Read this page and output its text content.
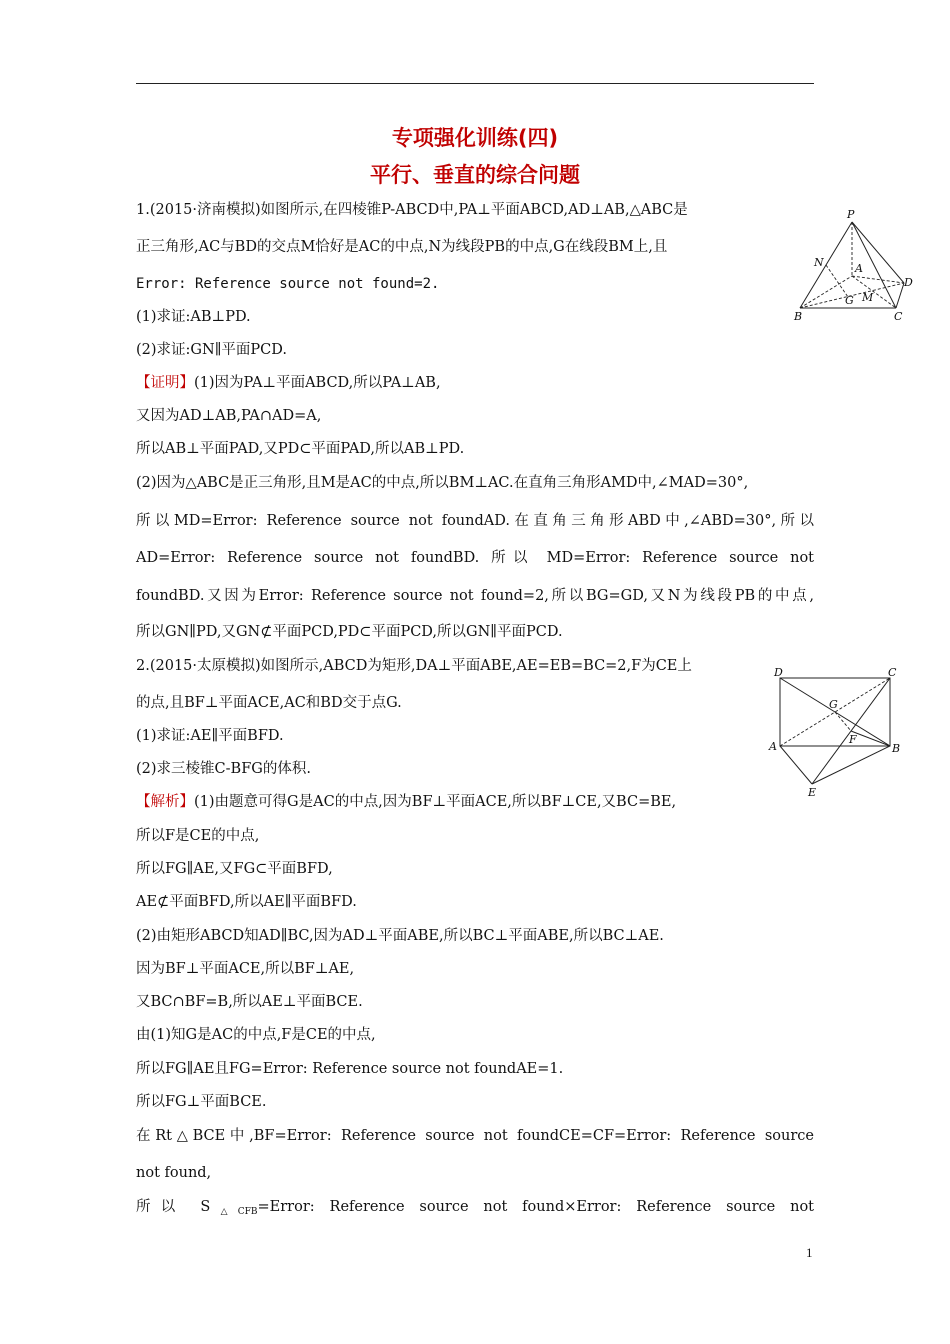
专项强化训练(四)
平行、垂直的综合问题
1.(2015·济南模拟)如图所示,在四棱锥P-ABCD中,PA⊥平面ABCD,AD⊥AB,△ABC是
正三角形,AC与BD的交点M恰好是AC的中点,N为线段PB的中点,G在线段BM上,且
Error: Reference source not found=2.
(1)求证:AB⊥PD.
(2)求证:GN∥平面PCD.
【证明】(1)因为PA⊥平面ABCD,所以PA⊥AB,
又因为AD⊥AB,PA∩AD=A,
所以AB⊥平面PAD,又PD⊂平面PAD,所以AB⊥PD.
(2)因为△ABC是正三角形,且M是AC的中点,所以BM⊥AC.在直角三角形AMD中,∠MAD=30°,
所以MD=Error: Reference source not foundAD.在直角三角形ABD中,∠ABD=30°,所以
AD=Error: Reference source not foundBD. 所以 MD=Error: Reference source not
foundBD.又因为Error: Reference source not found=2,所以BG=GD,又N为线段PB的中点,
所以GN∥PD,又GN⊄平面PCD,PD⊂平面PCD,所以GN∥平面PCD.
P
N	A
D
G M
B	C
2.(2015·太原模拟)如图所示,ABCD为矩形,DA⊥平面ABE,AE=EB=BC=2,F为CE上
的点,且BF⊥平面ACE,AC和BD交于点G.
(1)求证:AE∥平面BFD.
(2)求三棱锥C-BFG的体积.
【解析】(1)由题意可得G是AC的中点,因为BF⊥平面ACE,所以BF⊥CE,又BC=BE,
所以F是CE的中点,
所以FG∥AE,又FG⊂平面BFD,
AE⊄平面BFD,所以AE∥平面BFD.
(2)由矩形ABCD知AD∥BC,因为AD⊥平面ABE,所以BC⊥平面ABE,所以BC⊥AE.
因为BF⊥平面ACE,所以BF⊥AE,
又BC∩BF=B,所以AE⊥平面BCE.
由(1)知G是AC的中点,F是CE的中点,
所以FG∥AE且FG=Error: Reference source not foundAE=1.
所以FG⊥平面BCE.
在Rt△BCE中,BF=Error: Reference source not foundCE=CF=Error: Reference source
not found,
所以 $S_{\triangle CFB}=Error$: Reference source not found×Error: Reference source not
D	C
G
A
F
B
E
1
